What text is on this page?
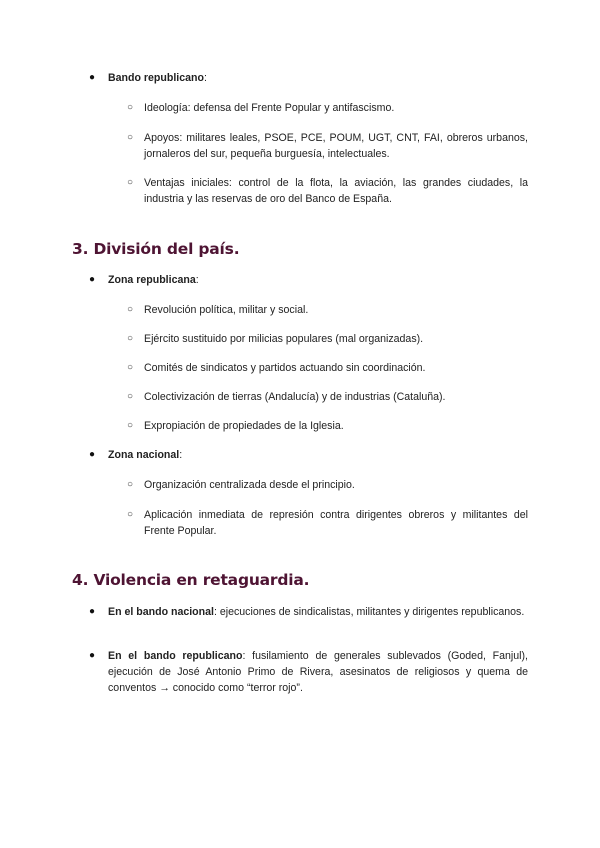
● Bando republicano:
○ Ideología: defensa del Frente Popular y antifascismo.
○ Apoyos: militares leales, PSOE, PCE, POUM, UGT, CNT, FAI, obreros urbanos, jornaleros del sur, pequeña burguesía, intelectuales.
○ Ventajas iniciales: control de la flota, la aviación, las grandes ciudades, la industria y las reservas de oro del Banco de España.
3. División del país.
● Zona republicana:
○ Revolución política, militar y social.
○ Ejército sustituido por milicias populares (mal organizadas).
○ Comités de sindicatos y partidos actuando sin coordinación.
○ Colectivización de tierras (Andalucía) y de industrias (Cataluña).
○ Expropiación de propiedades de la Iglesia.
● Zona nacional:
○ Organización centralizada desde el principio.
○ Aplicación inmediata de represión contra dirigentes obreros y militantes del Frente Popular.
4. Violencia en retaguardia.
● En el bando nacional: ejecuciones de sindicalistas, militantes y dirigentes republicanos.
● En el bando republicano: fusilamiento de generales sublevados (Goded, Fanjul), ejecución de José Antonio Primo de Rivera, asesinatos de religiosos y quema de conventos → conocido como “terror rojo”.
